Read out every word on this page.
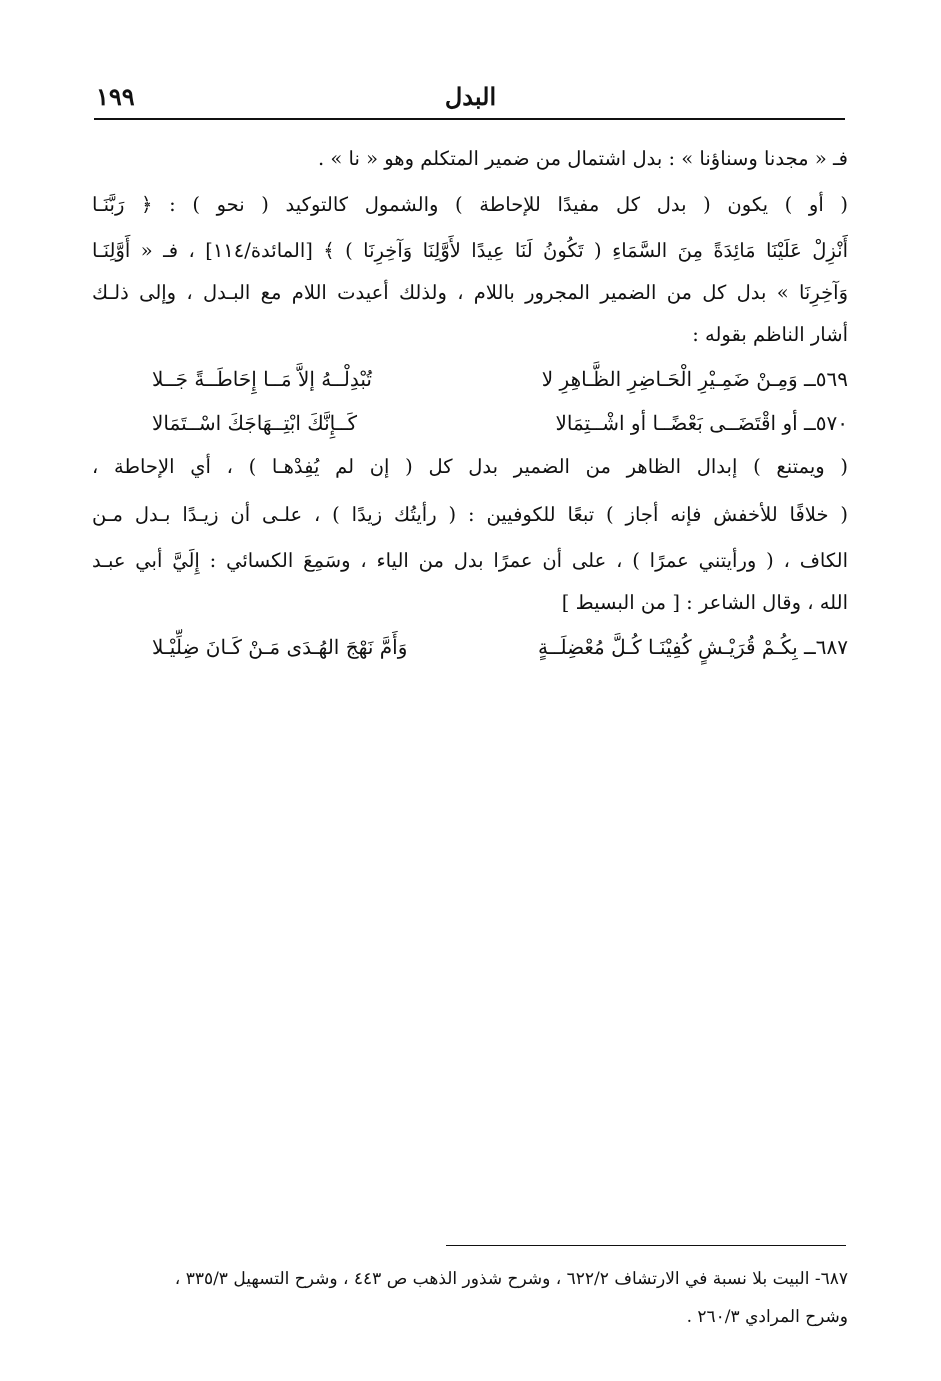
البدل
١٩٩
فـ « مجدنا وسناؤنا » : بدل اشتمال من ضمير المتكلم وهو « نا » .
( أو ) يكون ( بدل كل مفيدًا للإحاطة ) والشمول كالتوكيد ( نحو ) : ﴿ رَبَّنَـا
أَنْزِلْ عَلَيْنَا مَائِدَةً مِنَ السَّمَاءِ ( تَكُونُ لَنَا عِيدًا لأَوَّلِنَا وَآخِرِنَا ) ﴾ [المائدة/١١٤] ، فـ « أَوَّلِنَـا
وَآخِرِنَا » بدل كل من الضمير المجرور باللام ، ولذلك أعيدت اللام مع البـدل ، وإلى ذلـك
أشار الناظم بقوله :
٥٦٩ــ وَمِـنْ ضَمِـيْرِ الْحَـاضِرِ الظَّـاهِرِ لا
تُبْدِلْــهُ إلاَّ مَــا إِحَاطَــةً جَــلا
٥٧٠ــ أو اقْتَضَــى بَعْضًــا أو اشْــتِمَالا
كَــإِنَّكَ ابْتِــهَاجَكَ اسْــتَمَالا
( ويمتنع ) إبدال الظاهر من الضمير بدل كل ( إن لم يُفِدْهـا ) ، أي الإحاطة ،
( خلافًا للأخفش فإنه أجاز ) تبعًا للكوفيين : ( رأيتُك زيدًا ) ، علـى أن زيـدًا بـدل مـن
الكاف ، ( ورأيتني عمرًا ) ، على أن عمرًا بدل من الياء ، وسَمِعَ الكسائي : إِلَيَّ أبي عبـد
الله ، وقال الشاعر : [ من البسيط ]
٦٨٧ــ بِكُـمْ قُرَيْـشٍ كُفِيْنَـا كُـلَّ مُعْضِلَــةٍ
وَأَمَّ نَهْجَ الهُـدَى مَـنْ كَـانَ ضِلِّيْـلا
٦٨٧- البيت بلا نسبة في الارتشاف ٦٢٢/٢ ، وشرح شذور الذهب ص ٤٤٣ ، وشرح التسهيل ٣٣٥/٣ ،
وشرح المرادي ٢٦٠/٣ .
